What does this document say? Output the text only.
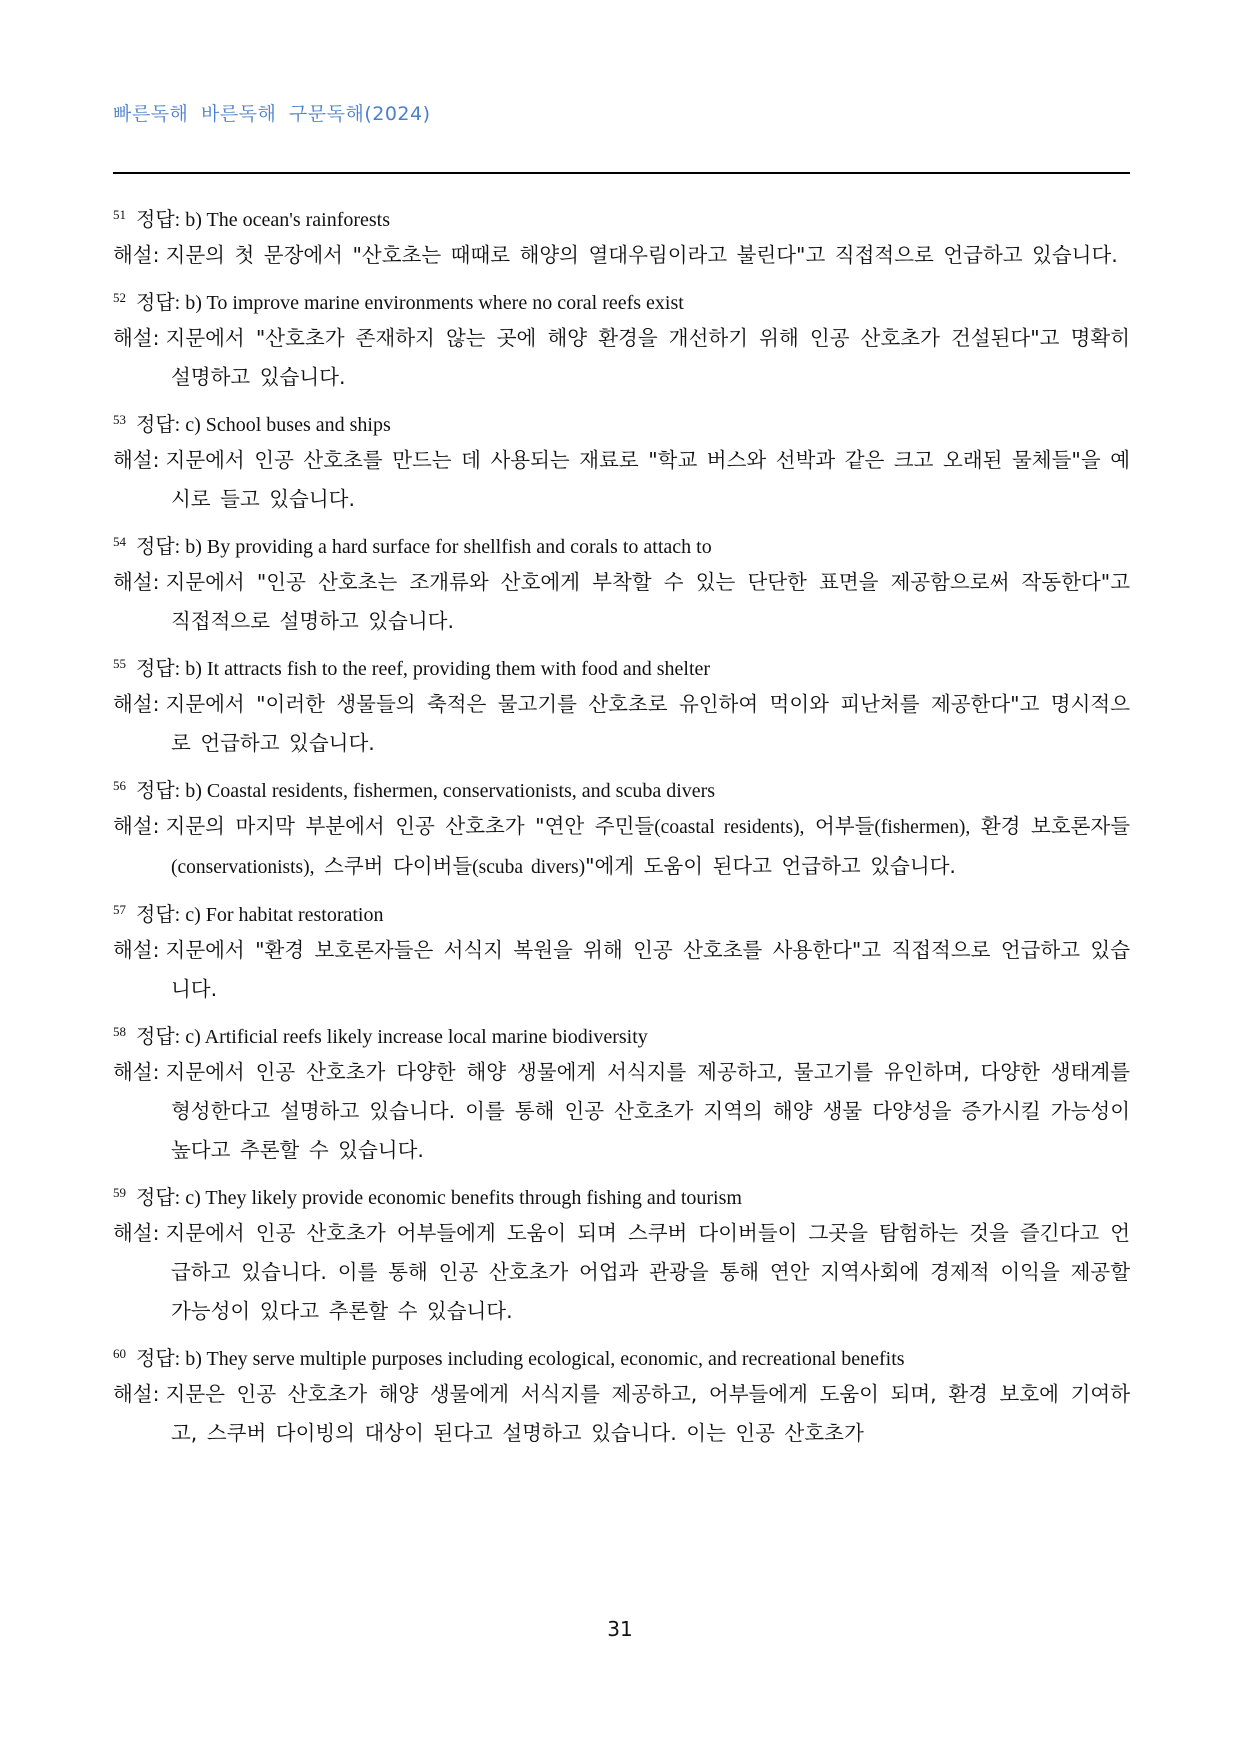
빠른독해 바른독해 구문독해(2024)
$^{51}$ 정답: b) The ocean's rainforests
해설: 지문의 첫 문장에서 "산호초는 때때로 해양의 열대우림이라고 불린다"고 직접적으로 언급하고 있습니다.
$^{52}$ 정답: b) To improve marine environments where no coral reefs exist
해설: 지문에서 "산호초가 존재하지 않는 곳에 해양 환경을 개선하기 위해 인공 산호초가 건설된다"고 명확히 설명하고 있습니다.
$^{53}$ 정답: c) School buses and ships
해설: 지문에서 인공 산호초를 만드는 데 사용되는 재료로 "학교 버스와 선박과 같은 크고 오래된 물체들"을 예시로 들고 있습니다.
$^{54}$ 정답: b) By providing a hard surface for shellfish and corals to attach to
해설: 지문에서 "인공 산호초는 조개류와 산호에게 부착할 수 있는 단단한 표면을 제공함으로써 작동한다"고 직접적으로 설명하고 있습니다.
$^{55}$ 정답: b) It attracts fish to the reef, providing them with food and shelter
해설: 지문에서 "이러한 생물들의 축적은 물고기를 산호초로 유인하여 먹이와 피난처를 제공한다"고 명시적으로 언급하고 있습니다.
$^{56}$ 정답: b) Coastal residents, fishermen, conservationists, and scuba divers
해설: 지문의 마지막 부분에서 인공 산호초가 "연안 주민들(coastal residents), 어부들(fishermen), 환경 보호론자들(conservationists), 스쿠버 다이버들(scuba divers)"에게 도움이 된다고 언급하고 있습니다.
$^{57}$ 정답: c) For habitat restoration
해설: 지문에서 "환경 보호론자들은 서식지 복원을 위해 인공 산호초를 사용한다"고 직접적으로 언급하고 있습니다.
$^{58}$ 정답: c) Artificial reefs likely increase local marine biodiversity
해설: 지문에서 인공 산호초가 다양한 해양 생물에게 서식지를 제공하고, 물고기를 유인하며, 다양한 생태계를 형성한다고 설명하고 있습니다. 이를 통해 인공 산호초가 지역의 해양 생물 다양성을 증가시킬 가능성이 높다고 추론할 수 있습니다.
$^{59}$ 정답: c) They likely provide economic benefits through fishing and tourism
해설: 지문에서 인공 산호초가 어부들에게 도움이 되며 스쿠버 다이버들이 그곳을 탐험하는 것을 즐긴다고 언급하고 있습니다. 이를 통해 인공 산호초가 어업과 관광을 통해 연안 지역사회에 경제적 이익을 제공할 가능성이 있다고 추론할 수 있습니다.
$^{60}$ 정답: b) They serve multiple purposes including ecological, economic, and recreational benefits
해설: 지문은 인공 산호초가 해양 생물에게 서식지를 제공하고, 어부들에게 도움이 되며, 환경 보호에 기여하고, 스쿠버 다이빙의 대상이 된다고 설명하고 있습니다. 이는 인공 산호초가
31
